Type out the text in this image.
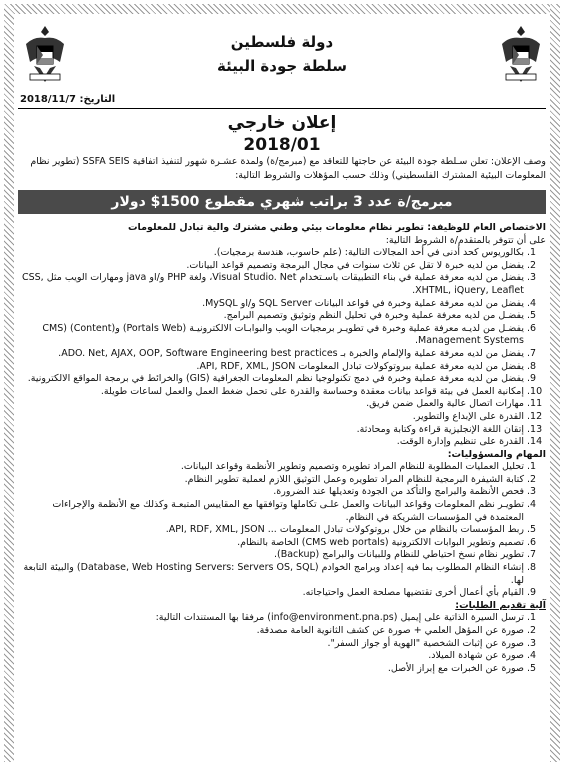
دولة فلسطين
سلطة جودة البيئة
التاريخ: 2018/11/7
إعلان خارجي
2018/01
وصف الإعلان: تعلن سـلطة جودة البيئة عن حاجتها للتعاقد مع (مبرمج/ة) ولمدة عشـرة شهور لتنفيذ اتفاقية SSFA SEIS (تطوير نظام المعلومات البيئية المشترك الفلسطيني) وذلك حسب المؤهلات والشروط التالية:
مبرمج/ة عدد 3 براتب شهري مقطوع 1500$ دولار

الاختصاص العام للوظيفة: تطوير نظام معلومات بيئي وطني مشترك والية تبادل للمعلومات

على أن تتوفر بالمتقدم/ة الشروط التالية:

1. بكالوريوس كحد أدنى في أحد المجالات التالية: (علم حاسوب، هندسة برمجيات).
2. يفضل من لديه خبرة لا تقل عن ثلاث سنوات في مجال البرمجة وتصميم قواعد البيانات.
3. يفضل من لديه معرفة عملية في بناء التطبيقات باسـتخدام Visual Studio. Net، ولغة PHP و/او java ومهارات الويب مثل CSS, XHTML, iQuery, Leaflet.
4. يفضل من لديه معرفة عملية وخبرة في قواعد البيانات SQL Server و/او MySQL.
5. يفضـل من لديه معرفة عملية وخبرة في تحليل النظم وتوثيق وتصميم البرامج.
6. يفضـل من لديـه معرفة عملية وخبرة في تطويـر برمجيات الويب والبوابـات الالكترونيـة (Portals Web) و(Content) CMS) Management Systems.
7. يفضل من لديه معرفة عملية والإلمام والخبرة بـ ADO. Net, AJAX, OOP, Software Engineering best practices.
8. يفضل من لديه معرفة عملية ببروتوكولات تبادل المعلومات API, RDF, XML, JSON.
9. يفضل من لديه معرفة عملية وخبرة في دمج تكنولوجيا نظم المعلومات الجغرافية (GIS) والخرائط في برمجة المواقع الالكترونية.
10. إمكانية العمل في بيئة قواعد بيانات معقدة وحساسة والقدرة على تحمل ضغط العمل والعمل لساعات طويلة.
11. مهارات اتصال عالية والعمل ضمن فريق.
12. القدرة على الإبداع والتطوير.
13. إتقان اللغة الإنجليزية قراءة وكتابة ومحادثة.
14. القدرة على تنظيم وإدارة الوقت.

المهام والمسؤوليات:

1. تحليل العمليات المطلوبة للنظام المراد تطويره وتصميم وتطوير الأنظمة وقواعد البيانات.
2. كتابة الشيفرة البرمجية للنظام المراد تطويره وعمل التوثيق اللازم لعملية تطوير النظام.
3. فحص الأنظمة والبرامج والتأكد من الجودة وتعديلها عند الضرورة.
4. تطويـر نظم المعلومات وقواعد البيانات والعمل علـى تكاملها وتوافقها مع المقاييس المتبعـة وكذلك مع الأنظمة والإجراءات المعتمدة في المؤسسات الشريكة في النظام.
5. ربط المؤسسات بالنظام من خلال بروتوكولات تبادل المعلومات ... API, RDF, XML, JSON.
6. تصميم وتطوير البوابات الالكترونية (CMS web portals) الخاصة بالنظام.
7. تطوير نظام نسخ احتياطي للنظام وللبيانات والبرامج (Backup).
8. إنشاء النظام المطلوب بما فيه إعداد وبرامج الخوادم (Database, Web Hosting Servers: Servers OS, SQL) والبيئة التابعة لها.
9. القيام بأي أعمال أخرى تقتضيها مصلحة العمل واحتياجاته.

آلية تقديم الطلبات:

1. ترسل السيرة الذاتية على إيميل (info@environment.pna.ps) مرفقا بها المستندات التالية:
2. صورة عن المؤهل العلمي + صورة عن كشف الثانوية العامة مصدقة.
3. صورة عن إثبات الشخصية "الهوية أو جواز السفر".
4. صورة عن شهادة الميلاد.
5. صورة عن الخبرات مع إبراز الأصل.
